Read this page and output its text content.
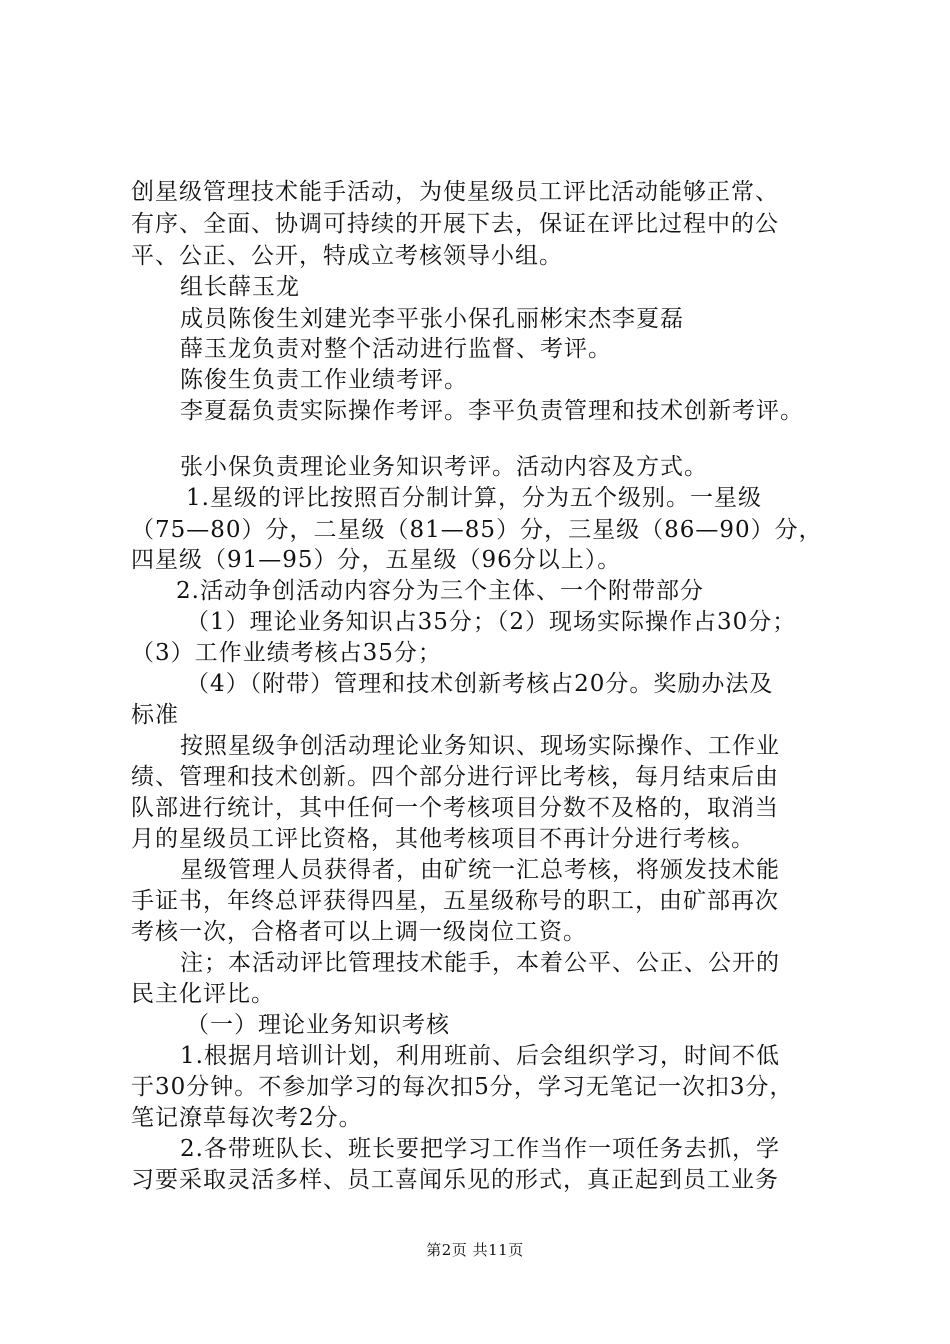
创星级管理技术能手活动，为使星级员工评比活动能够正常、

有序、全面、协调可持续的开展下去，保证在评比过程中的公

平、公正、公开，特成立考核领导小组。

组长薛玉龙

成员陈俊生刘建光李平张小保孔丽彬宋杰李夏磊

薛玉龙负责对整个活动进行监督、考评。

陈俊生负责工作业绩考评。

李夏磊负责实际操作考评。李平负责管理和技术创新考评。

张小保负责理论业务知识考评。活动内容及方式。

1.星级的评比按照百分制计算，分为五个级别。一星级

（75—80）分，二星级（81—85）分，三星级（86—90）分，

四星级（91—95）分，五星级（96分以上）。

2.活动争创活动内容分为三个主体、一个附带部分

（1）理论业务知识占35分；（2）现场实际操作占30分；

（3）工作业绩考核占35分；

（4）（附带）管理和技术创新考核占20分。奖励办法及

标准

按照星级争创活动理论业务知识、现场实际操作、工作业

绩、管理和技术创新。四个部分进行评比考核，每月结束后由

队部进行统计，其中任何一个考核项目分数不及格的，取消当

月的星级员工评比资格，其他考核项目不再计分进行考核。

星级管理人员获得者，由矿统一汇总考核，将颁发技术能

手证书，年终总评获得四星，五星级称号的职工，由矿部再次

考核一次，合格者可以上调一级岗位工资。

注；本活动评比管理技术能手，本着公平、公正、公开的

民主化评比。

（一）理论业务知识考核

1.根据月培训计划，利用班前、后会组织学习，时间不低

于30分钟。不参加学习的每次扣5分，学习无笔记一次扣3分，

笔记潦草每次考2分。

2.各带班队长、班长要把学习工作当作一项任务去抓，学

习要采取灵活多样、员工喜闻乐见的形式，真正起到员工业务

第2页 共11页
